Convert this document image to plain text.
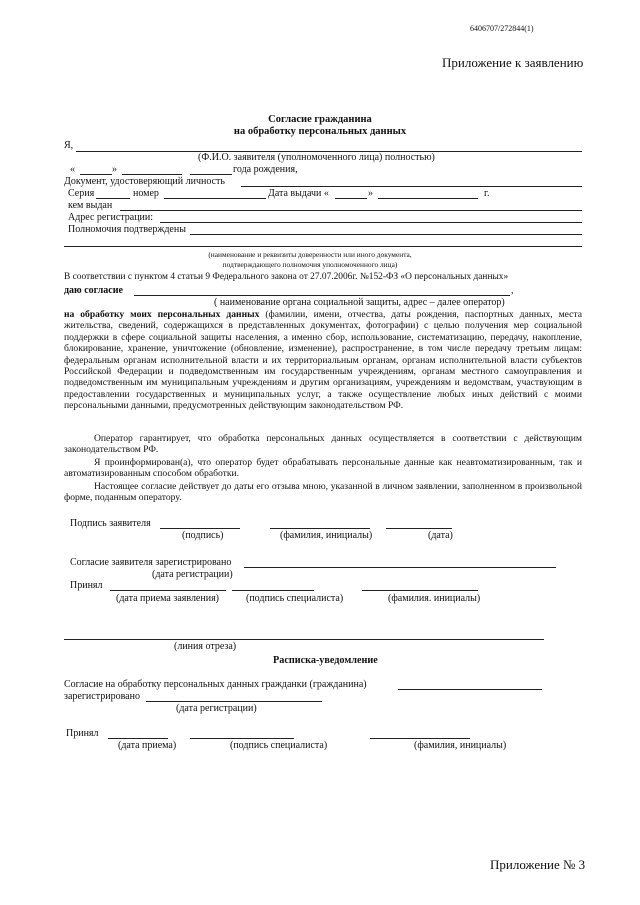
6406707/272844(1)
Приложение к заявлению
Согласие гражданина
на обработку персональных данных
Я,
(Ф.И.О. заявителя (уполномоченного лица) полностью)
«	»	года рождения,
Документ, удостоверяющий личность
Серия	номер	Дата выдачи «	»	г.
кем выдан
Адрес регистрации:
Полномочия подтверждены
(наименование и реквизиты доверенности или иного документа,
подтверждающего полномочия уполномоченного лица)
В соответствии с пунктом 4 статьи 9 Федерального закона от 27.07.2006г. №152-ФЗ «О персональных данных»
даю согласие	,
( наименование органа социальной защиты, адрес – далее оператор)
на обработку моих персональных данных (фамилии, имени, отчества, даты рождения, паспортных данных, места жительства, сведений, содержащихся в представленных документах, фотографии) с целью получения мер социальной поддержки в сфере социальной защиты населения, а именно сбор, использование, систематизацию, передачу, накопление, блокирование, хранение, уничтожение (обновление, изменение), распространение, в том числе передачу третьим лицам: федеральным органам исполнительной власти и их территориальным органам, органам исполнительной власти субъектов Российской Федерации и подведомственным им государственным учреждениям, органам местного самоуправления и подведомственным им муниципальным учреждениям и другим организациям, учреждениям и ведомствам, участвующим в предоставлении государственных и муниципальных услуг, а также осуществление любых иных действий с моими персональными данными, предусмотренных действующим законодательством РФ.
Оператор гарантирует, что обработка персональных данных осуществляется в соответствии с действующим законодательством РФ.
Я проинформирован(а), что оператор будет обрабатывать персональные данные как неавтоматизированным, так и автоматизированным способом обработки.
Настоящее согласие действует до даты его отзыва мною, указанной в личном заявлении, заполненном в произвольной форме, поданным оператору.
Подпись заявителя
(подпись)	(фамилия, инициалы)	(дата)
Согласие заявителя зарегистрировано
(дата регистрации)
Принял
(дата приема заявления)	(подпись специалиста)	(фамилия. инициалы)
(линия отреза)
Расписка-уведомление
Согласие на обработку персональных данных гражданки (гражданина)
зарегистрировано
(дата регистрации)
Принял
(дата приема)	(подпись специалиста)	(фамилия, инициалы)
Приложение № 3
